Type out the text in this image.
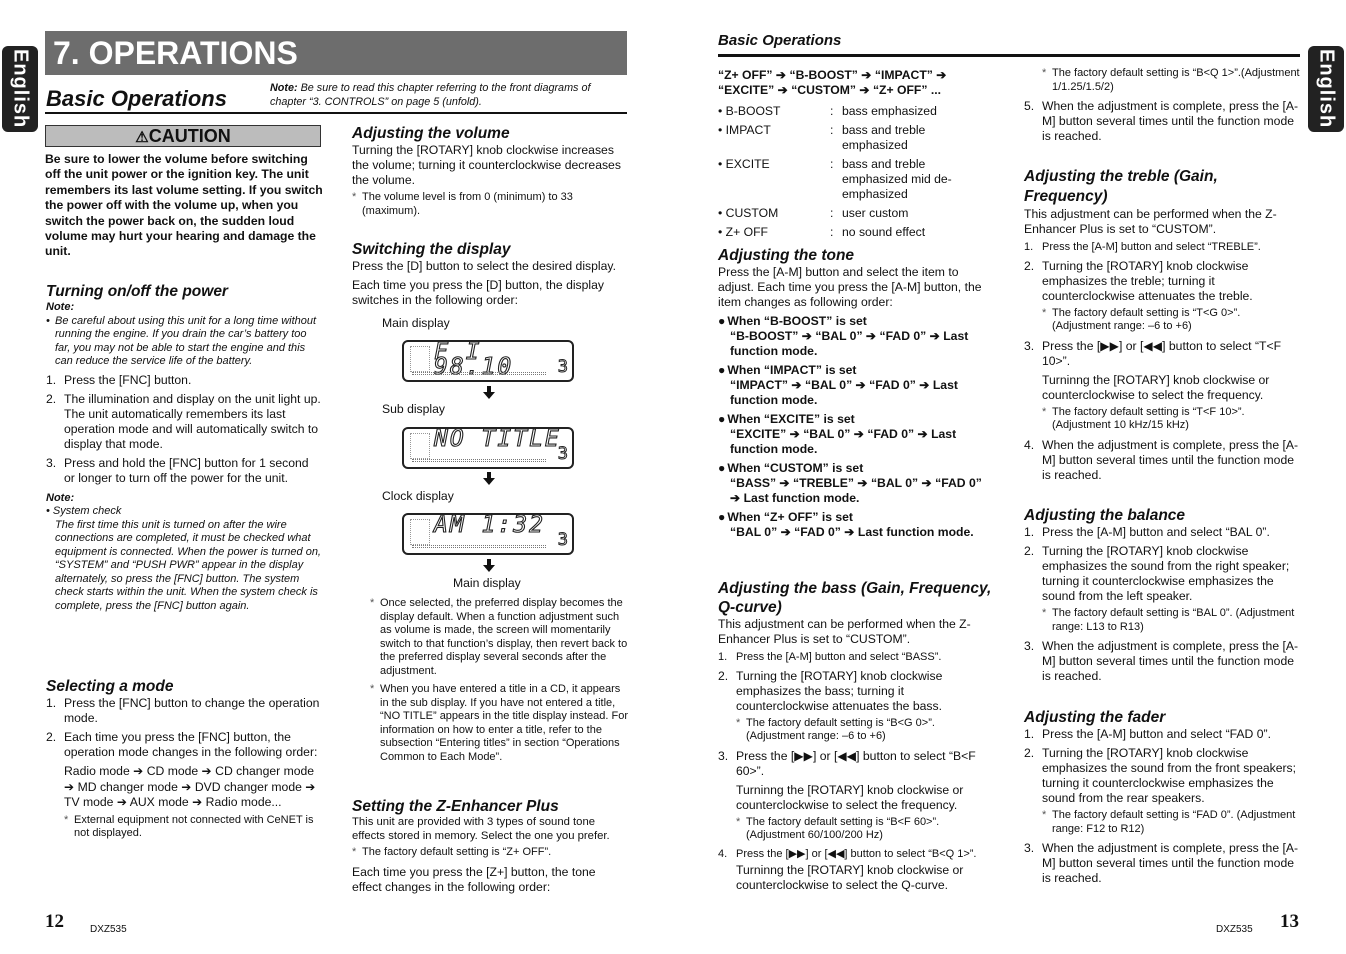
English	English
7. OPERATIONS
Basic Operations	Note: Be sure to read this chapter referring to the front diagrams of chapter “3. CONTROLS” on page 5 (unfold).
⚠CAUTION
Be sure to lower the volume before switching off the unit power or the ignition key. The unit remembers its last volume setting. If you switch the power off with the volume up, when you switch the power back on, the sudden loud volume may hurt your hearing and damage the unit.
Turning on/off the power
Note:
• Be careful about using this unit for a long time without running the engine. If you drain the car’s battery too far, you may not be able to start the engine and this can reduce the service life of the battery.
1. Press the [FNC] button.
2. The illumination and display on the unit light up. The unit automatically remembers its last operation mode and will automatically switch to display that mode.
3. Press and hold the [FNC] button for 1 second or longer to turn off the power for the unit.
Note:
• System check
The first time this unit is turned on after the wire connections are completed, it must be checked what equipment is connected. When the power is turned on, “SYSTEM” and “PUSH PWR” appear in the display alternately, so press the [FNC] button. The system check starts within the unit. When the system check is complete, press the [FNC] button again.
Selecting a mode
1. Press the [FNC] button to change the operation mode.
2. Each time you press the [FNC] button, the operation mode changes in the following order:
Radio mode ➔ CD mode ➔ CD changer mode ➔ MD changer mode ➔ DVD changer mode ➔ TV mode ➔ AUX mode ➔ Radio mode...
* External equipment not connected with CeNET is not displayed.
Adjusting the volume
Turning the [ROTARY] knob clockwise increases the volume; turning it counterclockwise decreases the volume.
* The volume level is from 0 (minimum) to 33 (maximum).
Switching the display
Press the [D] button to select the desired display.
Each time you press the [D] button, the display switches in the following order:
Main display
F I 98.10	3
Sub display
NO TITLE
3
Clock display
AM 1:32
3
Main display
* Once selected, the preferred display becomes the display default. When a function adjustment such as volume is made, the screen will momentarily switch to that function’s display, then revert back to the preferred display several seconds after the adjustment.
* When you have entered a title in a CD, it appears in the sub display. If you have not entered a title, “NO TITLE” appears in the title display instead. For information on how to enter a title, refer to the subsection “Entering titles” in section “Operations Common to Each Mode”.
Setting the Z-Enhancer Plus
This unit are provided with 3 types of sound tone effects stored in memory. Select the one you prefer.
* The factory default setting is “Z+ OFF”.
Each time you press the [Z+] button, the tone effect changes in the following order:
Basic Operations
“Z+ OFF” ➔ “B-BOOST” ➔ “IMPACT” ➔ “EXCITE” ➔ “CUSTOM” ➔ “Z+ OFF” ...
• B-BOOST	: bass emphasized
• IMPACT	: bass and treble emphasized
• EXCITE	: bass and treble emphasized mid de-emphasized
• CUSTOM	: user custom
• Z+ OFF	: no sound effect
Adjusting the tone
Press the [A-M] button and select the item to adjust. Each time you press the [A-M] button, the item changes as following order:
● When “B-BOOST” is set
“B-BOOST” ➔ “BAL 0” ➔ “FAD 0” ➔ Last function mode.
● When “IMPACT” is set
“IMPACT” ➔ “BAL 0” ➔ “FAD 0” ➔ Last function mode.
● When “EXCITE” is set
“EXCITE” ➔ “BAL 0” ➔ “FAD 0” ➔ Last function mode.
● When “CUSTOM” is set
“BASS” ➔ “TREBLE” ➔ “BAL 0” ➔ “FAD 0” ➔ Last function mode.
● When “Z+ OFF” is set
“BAL 0” ➔ “FAD 0” ➔ Last function mode.
Adjusting the bass (Gain, Frequency, Q-curve)
This adjustment can be performed when the Z-Enhancer Plus is set to “CUSTOM”.
1. Press the [A-M] button and select “BASS”.
2. Turning the [ROTARY] knob clockwise emphasizes the bass; turning it counterclockwise attenuates the bass.
* The factory default setting is “B<G 0>”. (Adjustment range: –6 to +6)
3. Press the [▶▶] or [◀◀] button to select “B<F 60>”.
Turninng the [ROTARY] knob clockwise or counterclockwise to select the frequency.
* The factory default setting is “B<F 60>”.(Adjustment 60/100/200 Hz)
4. Press the [▶▶] or [◀◀] button to select “B<Q 1>”.
Turninng the [ROTARY] knob clockwise or counterclockwise to select the Q-curve.
* The factory default setting is “B<Q 1>”.(Adjustment 1/1.25/1.5/2)
5. When the adjustment is complete, press the [A-M] button several times until the function mode is reached.
Adjusting the treble (Gain, Frequency)
This adjustment can be performed when the Z-Enhancer Plus is set to “CUSTOM”.
1. Press the [A-M] button and select “TREBLE”.
2. Turning the [ROTARY] knob clockwise emphasizes the treble; turning it counterclockwise attenuates the treble.
* The factory default setting is “T<G 0>”. (Adjustment range: –6 to +6)
3. Press the [▶▶] or [◀◀] button to select “T<F 10>”.
Turninng the [ROTARY] knob clockwise or counterclockwise to select the frequency.
* The factory default setting is “T<F 10>”.(Adjustment 10 kHz/15 kHz)
4. When the adjustment is complete, press the [A-M] button several times until the function mode is reached.
Adjusting the balance
1. Press the [A-M] button and select “BAL 0”.
2. Turning the [ROTARY] knob clockwise emphasizes the sound from the right speaker; turning it counterclockwise emphasizes the sound from the left speaker.
* The factory default setting is “BAL 0”. (Adjustment range: L13 to R13)
3. When the adjustment is complete, press the [A-M] button several times until the function mode is reached.
Adjusting the fader
1. Press the [A-M] button and select “FAD 0”.
2. Turning the [ROTARY] knob clockwise emphasizes the sound from the front speakers; turning it counterclockwise emphasizes the sound from the rear speakers.
* The factory default setting is “FAD 0”. (Adjustment range: F12 to R12)
3. When the adjustment is complete, press the [A-M] button several times until the function mode is reached.
12	DXZ535	DXZ535 13
